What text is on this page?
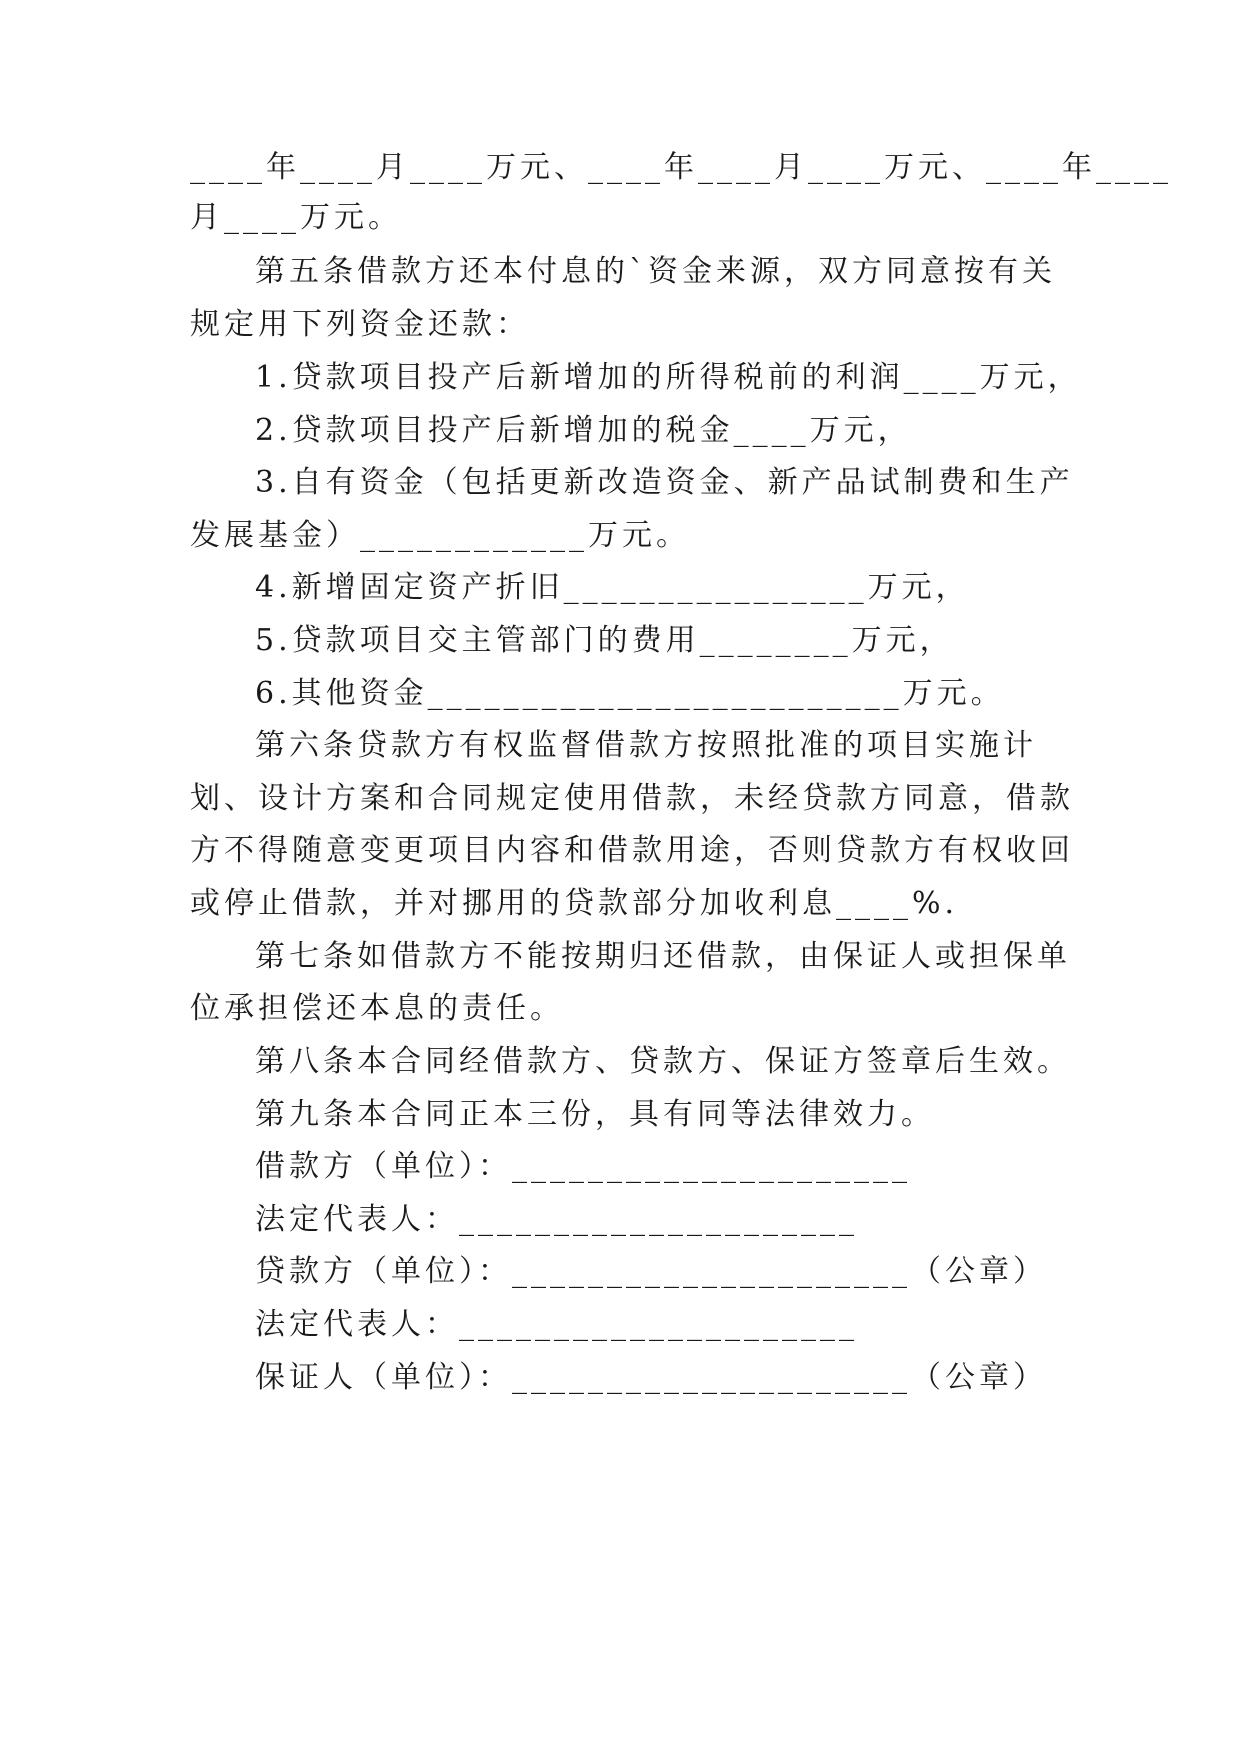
____年____月____万元、____年____月____万元、____年____
月____万元。
第五条借款方还本付息的`资金来源，双方同意按有关
规定用下列资金还款：
1.贷款项目投产后新增加的所得税前的利润____万元，
2.贷款项目投产后新增加的税金____万元，
3.自有资金（包括更新改造资金、新产品试制费和生产
发展基金）____________万元。
4.新增固定资产折旧________________万元，
5.贷款项目交主管部门的费用________万元，
6.其他资金_________________________万元。
第六条贷款方有权监督借款方按照批准的项目实施计
划、设计方案和合同规定使用借款，未经贷款方同意，借款
方不得随意变更项目内容和借款用途，否则贷款方有权收回
或停止借款，并对挪用的贷款部分加收利息____%.
第七条如借款方不能按期归还借款，由保证人或担保单
位承担偿还本息的责任。
第八条本合同经借款方、贷款方、保证方签章后生效。
第九条本合同正本三份，具有同等法律效力。
借款方（单位）：_____________________
法定代表人：_____________________
贷款方（单位）：_____________________（公章）
法定代表人：_____________________
保证人（单位）：_____________________（公章）
